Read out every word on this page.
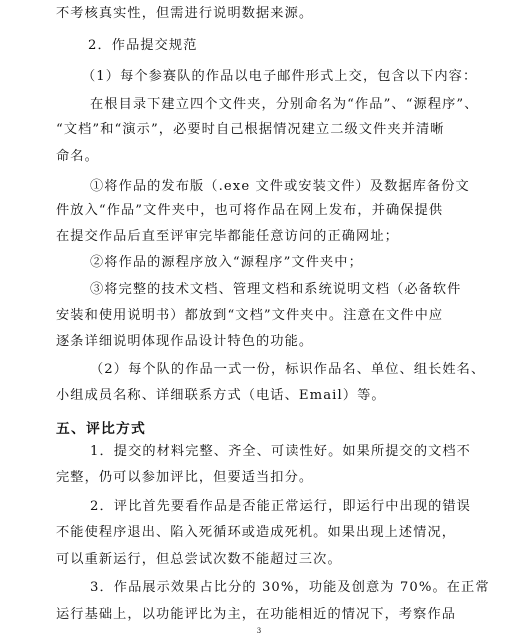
不考核真实性，但需进行说明数据来源。
2．作品提交规范
（1）每个参赛队的作品以电子邮件形式上交，包含以下内容：
在根目录下建立四个文件夹，分别命名为“作品”、“源程序”、
“文档”和“演示”，必要时自己根据情况建立二级文件夹并清晰
命名。
①将作品的发布版（.exe 文件或安装文件）及数据库备份文
件放入“作品”文件夹中，也可将作品在网上发布，并确保提供
在提交作品后直至评审完毕都能任意访问的正确网址；
②将作品的源程序放入“源程序”文件夹中；
③将完整的技术文档、管理文档和系统说明文档（必备软件
安装和使用说明书）都放到“文档”文件夹中。注意在文件中应
逐条详细说明体现作品设计特色的功能。
（2）每个队的作品一式一份，标识作品名、单位、组长姓名、
小组成员名称、详细联系方式（电话、Email）等。
五、评比方式
1．提交的材料完整、齐全、可读性好。如果所提交的文档不
完整，仍可以参加评比，但要适当扣分。
2．评比首先要看作品是否能正常运行，即运行中出现的错误
不能使程序退出、陷入死循环或造成死机。如果出现上述情况，
可以重新运行，但总尝试次数不能超过三次。
3．作品展示效果占比分的 30%，功能及创意为 70%。在正常
运行基础上，以功能评比为主，在功能相近的情况下，考察作品
3
